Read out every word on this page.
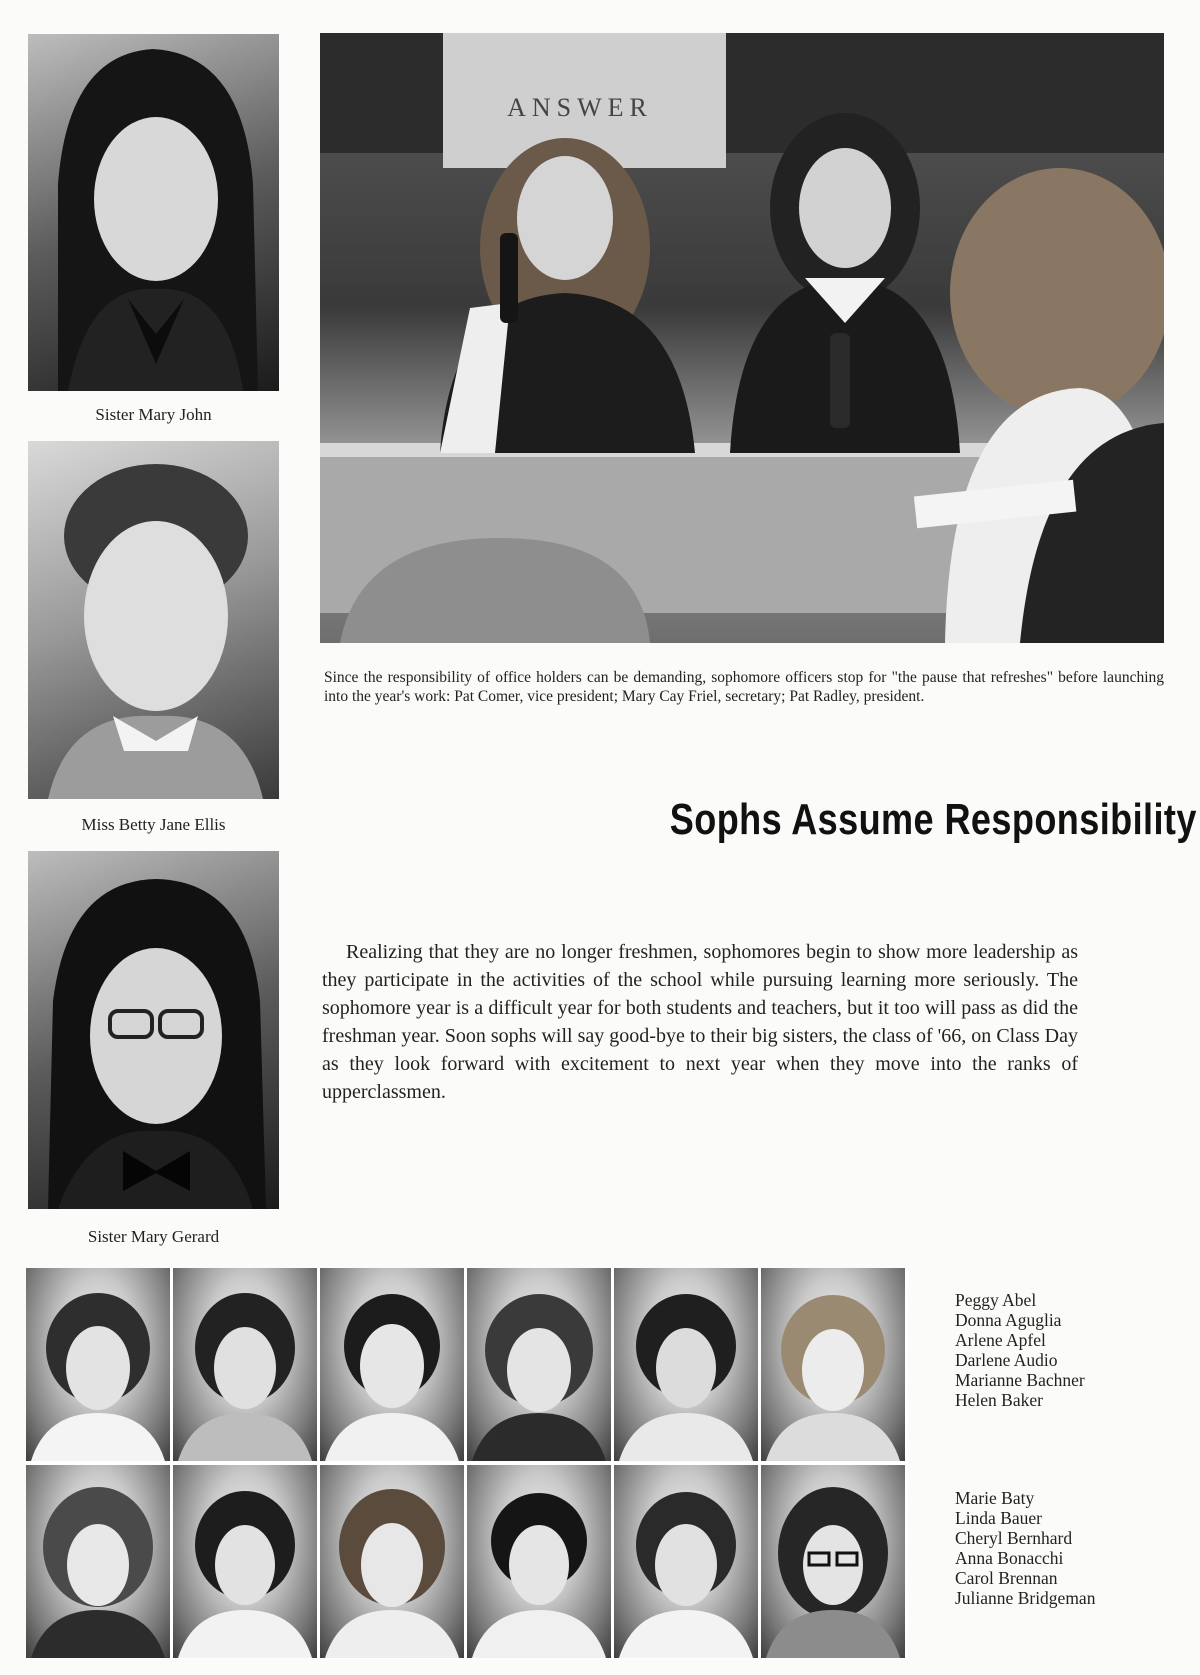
Sister Mary John
Miss Betty Jane Ellis
Sister Mary Gerard
ANSWER
Since the responsibility of office holders can be demanding, sophomore officers stop for "the pause that refreshes" before launching into the year's work: Pat Comer, vice president; Mary Cay Friel, secretary; Pat Radley, president.
Sophs Assume Responsibility
Realizing that they are no longer freshmen, sophomores begin to show more leadership as they participate in the activities of the school while pursuing learning more seriously. The sophomore year is a difficult year for both students and teachers, but it too will pass as did the freshman year. Soon sophs will say good-bye to their big sisters, the class of '66, on Class Day as they look forward with excitement to next year when they move into the ranks of upperclassmen.
Peggy Abel
Donna Aguglia
Arlene Apfel
Darlene Audio
Marianne Bachner
Helen Baker
Marie Baty
Linda Bauer
Cheryl Bernhard
Anna Bonacchi
Carol Brennan
Julianne Bridgeman
